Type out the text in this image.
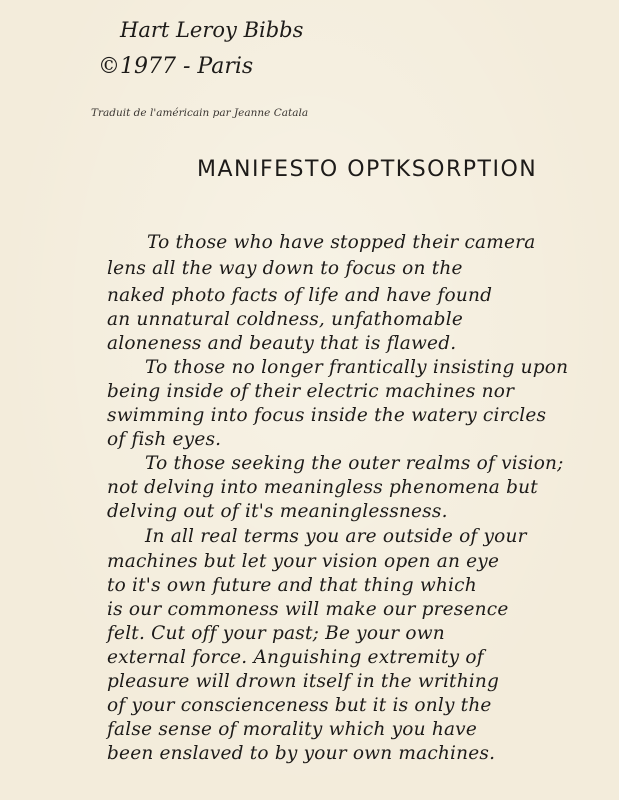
Hart Leroy Bibbs
©1977 - Paris
Traduit de l'américain par Jeanne Catala
MANIFESTO OPTKSORPTION
To those who have stopped their camera
lens all the way down to focus on the
naked photo facts of life and have found
an unnatural coldness, unfathomable
aloneness and beauty that is flawed.
To those no longer frantically insisting upon
being inside of their electric machines nor
swimming into focus inside the watery circles
of fish eyes.
To those seeking the outer realms of vision;
not delving into meaningless phenomena but
delving out of it's meaninglessness.
In all real terms you are outside of your
machines but let your vision open an eye
to it's own future and that thing which
is our commoness will make our presence
felt. Cut off your past; Be your own
external force. Anguishing extremity of
pleasure will drown itself in the writhing
of your conscienceness but it is only the
false sense of morality which you have
been enslaved to by your own machines.
